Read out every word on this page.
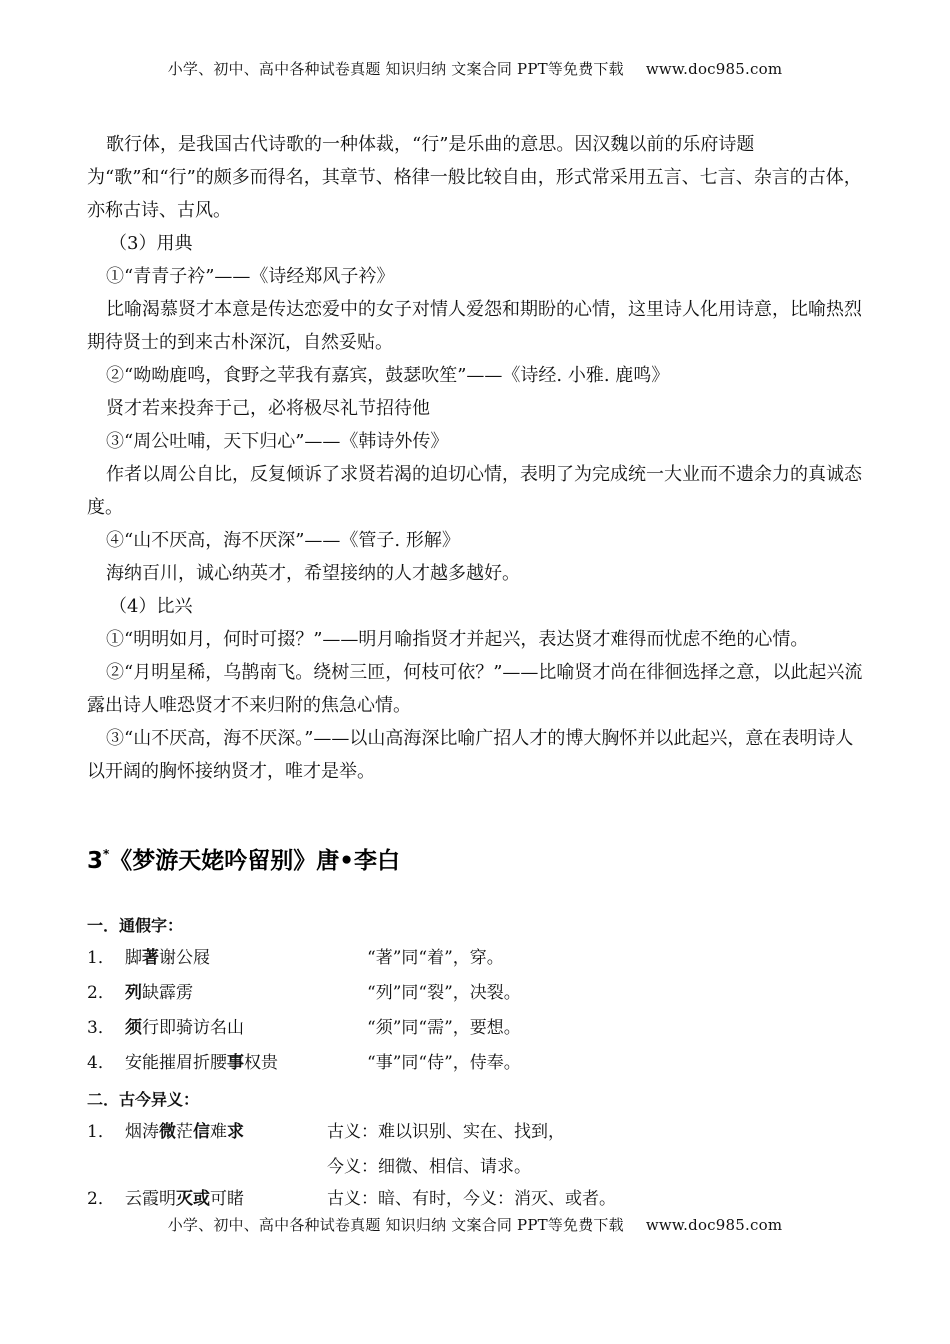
小学、初中、高中各种试卷真题 知识归纳 文案合同 PPT等免费下载 www.doc985.com

歌行体，是我国古代诗歌的一种体裁，“行”是乐曲的意思。因汉魏以前的乐府诗题为“歌”和“行”的颇多而得名，其章节、格律一般比较自由，形式常采用五言、七言、杂言的古体，亦称古诗、古风。

（3）用典

①“青青子衿”——《诗经郑风子衿》

比喻渴慕贤才本意是传达恋爱中的女子对情人爱怨和期盼的心情，这里诗人化用诗意，比喻热烈期待贤士的到来古朴深沉，自然妥贴。

②“呦呦鹿鸣，食野之苹我有嘉宾，鼓瑟吹笙”——《诗经. 小雅. 鹿鸣》

贤才若来投奔于己，必将极尽礼节招待他

③“周公吐哺，天下归心”——《韩诗外传》

作者以周公自比，反复倾诉了求贤若渴的迫切心情，表明了为完成统一大业而不遗余力的真诚态度。

④“山不厌高，海不厌深”——《管子. 形解》

海纳百川，诚心纳英才，希望接纳的人才越多越好。

（4）比兴

①“明明如月，何时可掇？”——明月喻指贤才并起兴，表达贤才难得而忧虑不绝的心情。

②“月明星稀，乌鹊南飞。绕树三匝，何枝可依？”——比喻贤才尚在徘徊选择之意，以此起兴流露出诗人唯恐贤才不来归附的焦急心情。

③“山不厌高，海不厌深。”——以山高海深比喻广招人才的博大胸怀并以此起兴，意在表明诗人以开阔的胸怀接纳贤才，唯才是举。

3*《梦游天姥吟留别》唐•李白
一．通假字：
1． 脚著谢公屐	“著”同“着”，穿。
2． 列缺霹雳	“列”同“裂”，决裂。
3． 须行即骑访名山	“须”同“需”，要想。
4． 安能摧眉折腰事权贵	“事”同“侍”，侍奉。
二．古今异义：
1． 烟涛微茫信难求	古义：难以识别、实在、找到，
今义：细微、相信、请求。
2． 云霞明灭或可睹	古义：暗、有时，今义：消灭、或者。
小学、初中、高中各种试卷真题 知识归纳 文案合同 PPT等免费下载 www.doc985.com
